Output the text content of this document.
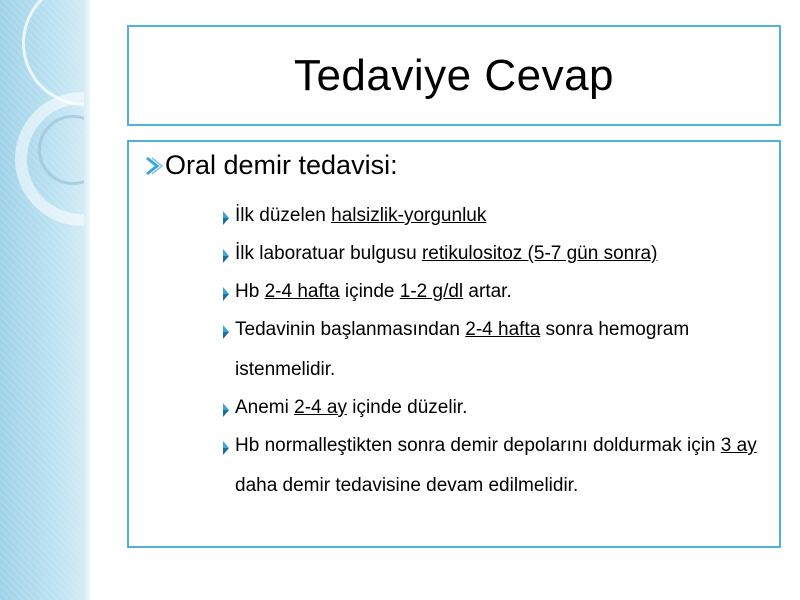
Tedaviye Cevap
Oral demir tedavisi:
İlk düzelen halsizlik-yorgunluk
İlk laboratuar bulgusu retikulositoz (5-7 gün sonra)
Hb 2-4 hafta içinde 1-2 g/dl artar.
Tedavinin başlanmasından 2-4 hafta sonra hemogram istenmelidir.
Anemi 2-4 ay içinde düzelir.
Hb normalleştikten sonra demir depolarını doldurmak için 3 ay daha demir tedavisine devam edilmelidir.
